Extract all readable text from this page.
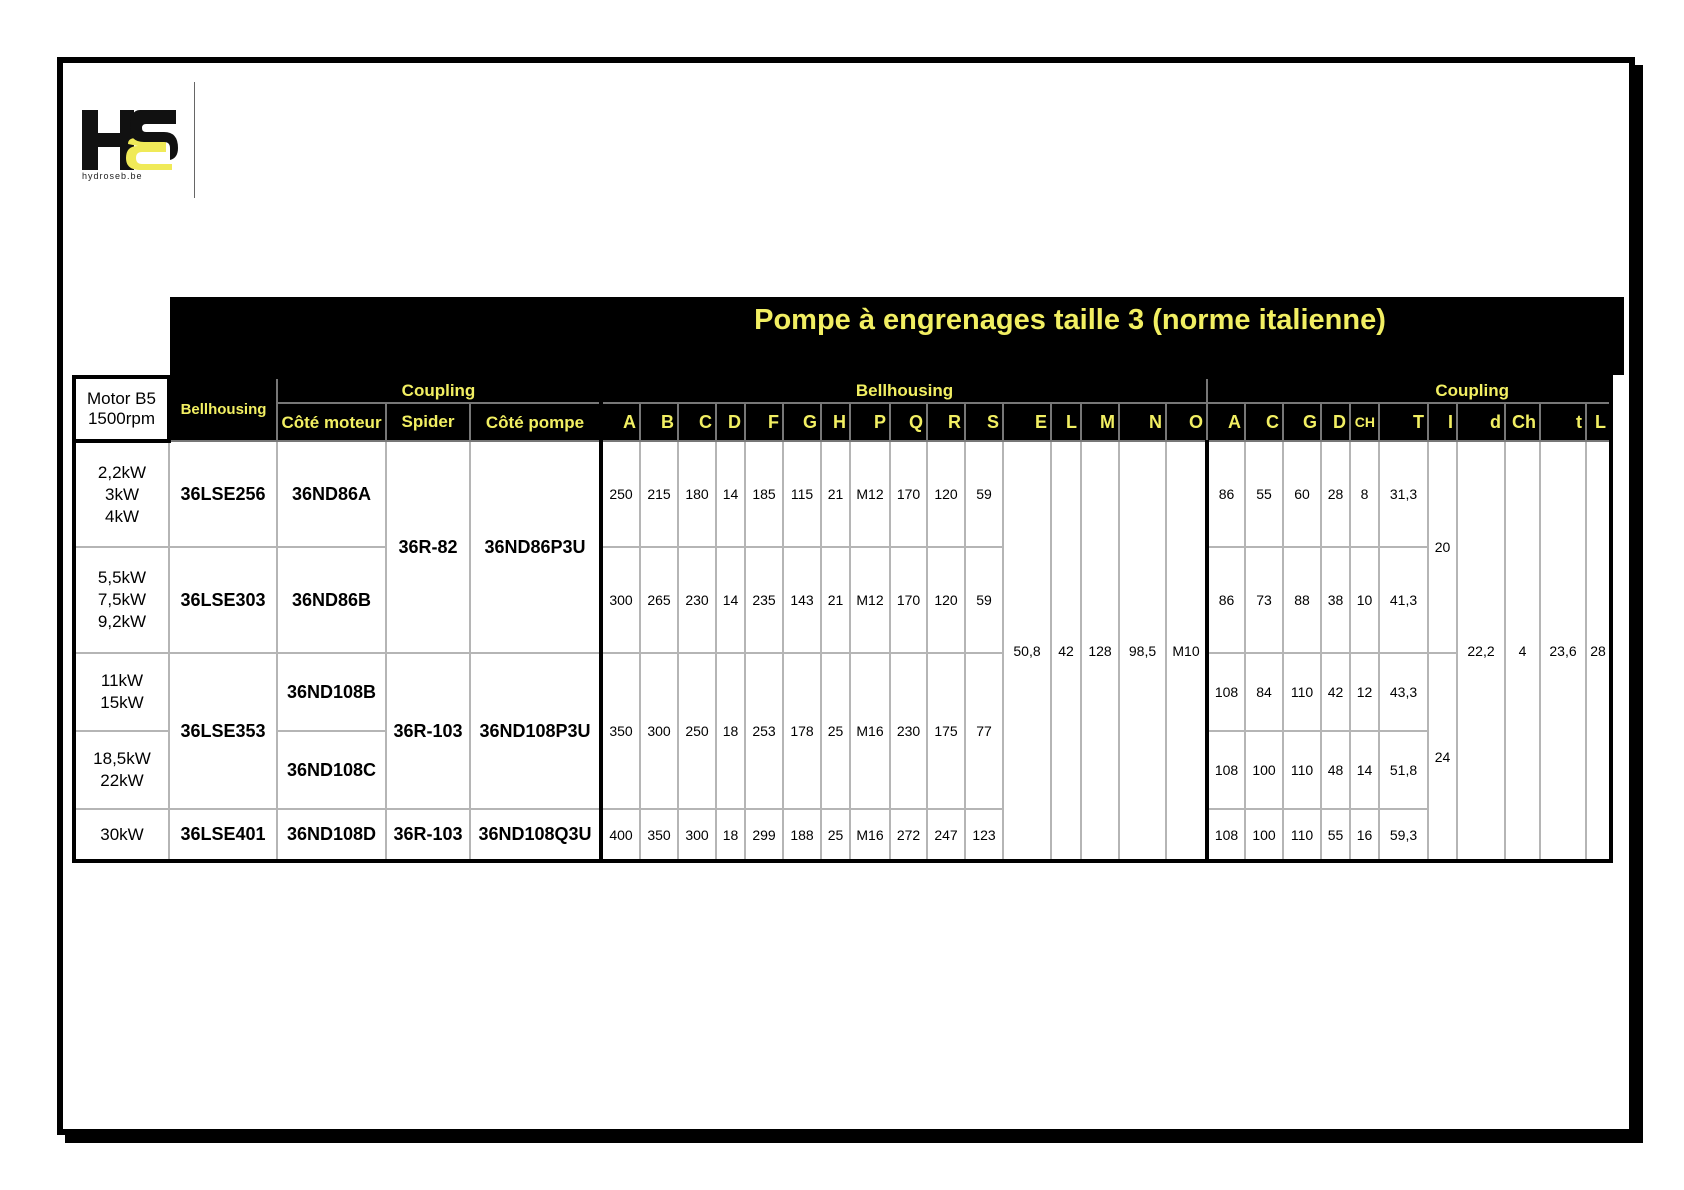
hydroseb.be
Pompe à engrenages taille 3 (norme italienne)
Motor B5 1500rpm	Bellhousing	Coupling			Bellhousing																Coupling										
		Côté moteur	Spider	Côté pompe	A	B	C	D	F	G	H	P	Q	R	S	E	L	M	N	O	A	C	G	D	CH	T	I	d	Ch	t	L
2,2kW 3kW 4kW	36LSE256	36ND86A	36R-82	36ND86P3U	250	215	180	14	185	115	21	M12	170	120	59	50,8	42	128	98,5	M10	86	55	60	28	8	31,3	20	22,2	4	23,6	28
5,5kW 7,5kW 9,2kW	36LSE303	36ND86B			300	265	230	14	235	143	21	M12	170	120	59						86	73	88	38	10	41,3					
11kW 15kW	36LSE353	36ND108B	36R-103	36ND108P3U	350	300	250	18	253	178	25	M16	230	175	77						108	84	110	42	12	43,3	24				
18,5kW 22kW		36ND108C																			108	100	110	48	14	51,8					
30kW	36LSE401	36ND108D	36R-103	36ND108Q3U	400	350	300	18	299	188	25	M16	272	247	123						108	100	110	55	16	59,3					
